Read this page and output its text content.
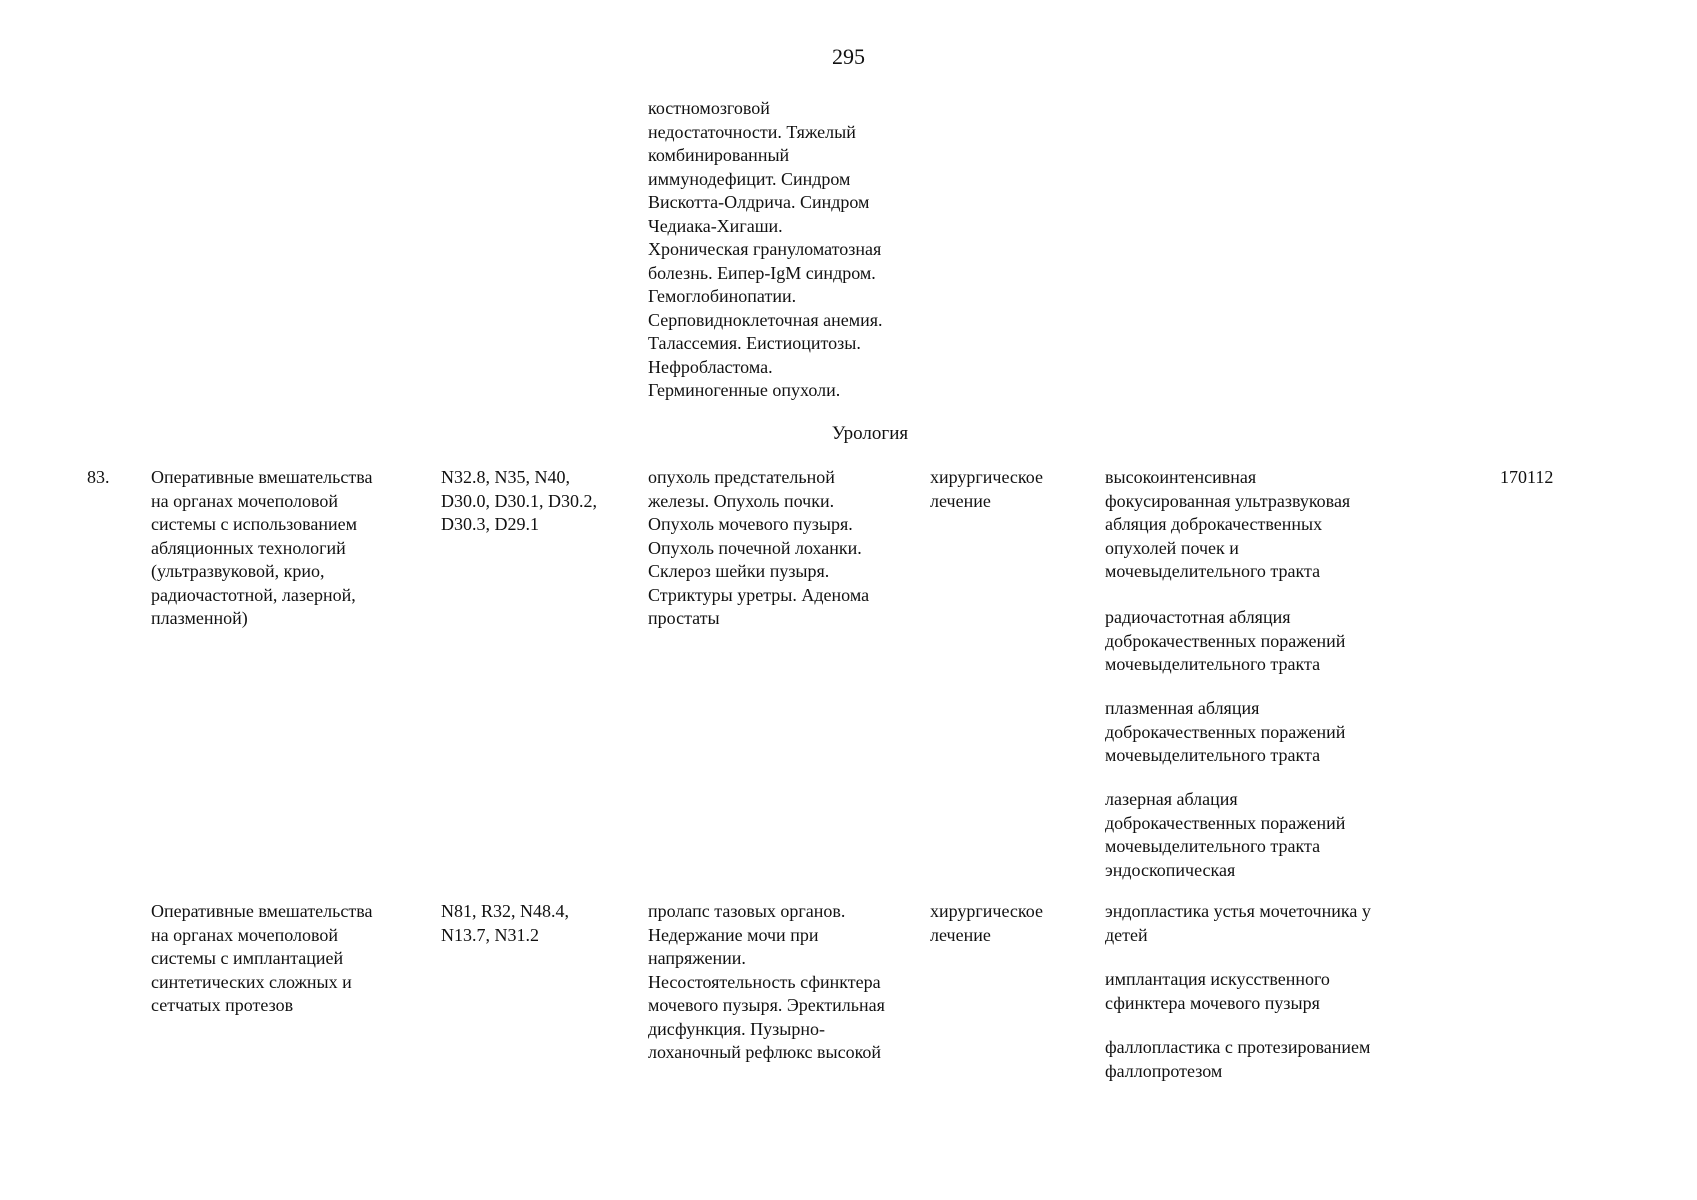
295
костномозговой
недостаточности. Тяжелый
комбинированный
иммунодефицит. Синдром
Вискотта-Олдрича. Синдром
Чедиака-Хигаши.
Хроническая грануломатозная
болезнь. Еипер-IgM синдром.
Гемоглобинопатии.
Серповидноклеточная анемия.
Талассемия. Еистиоцитозы.
Нефробластома.
Герминогенные опухоли.
Урология
83.	Оперативные вмешательства
на органах мочеполовой
системы с использованием
абляционных технологий
(ультразвуковой, крио,
радиочастотной, лазерной,
плазменной)
N32.8, N35, N40,
D30.0, D30.1, D30.2,
D30.3, D29.1
опухоль предстательной
железы. Опухоль почки.
Опухоль мочевого пузыря.
Опухоль почечной лоханки.
Склероз шейки пузыря.
Стриктуры уретры. Аденома
простаты
хирургическое
лечение
высокоинтенсивная
фокусированная ультразвуковая
абляция доброкачественных
опухолей почек и
мочевыделительного тракта
радиочастотная абляция
доброкачественных поражений
мочевыделительного тракта
плазменная абляция
доброкачественных поражений
мочевыделительного тракта
лазерная аблация
доброкачественных поражений
мочевыделительного тракта
эндоскопическая
170112
Оперативные вмешательства
на органах мочеполовой
системы с имплантацией
синтетических сложных и
сетчатых протезов
N81, R32, N48.4,
N13.7, N31.2
пролапс тазовых органов.
Недержание мочи при
напряжении.
Несостоятельность сфинктера
мочевого пузыря. Эректильная
дисфункция. Пузырно-
лоханочный рефлюкс высокой
хирургическое
лечение
эндопластика устья мочеточника у
детей
имплантация искусственного
сфинктера мочевого пузыря
фаллопластика с протезированием
фаллопротезом
